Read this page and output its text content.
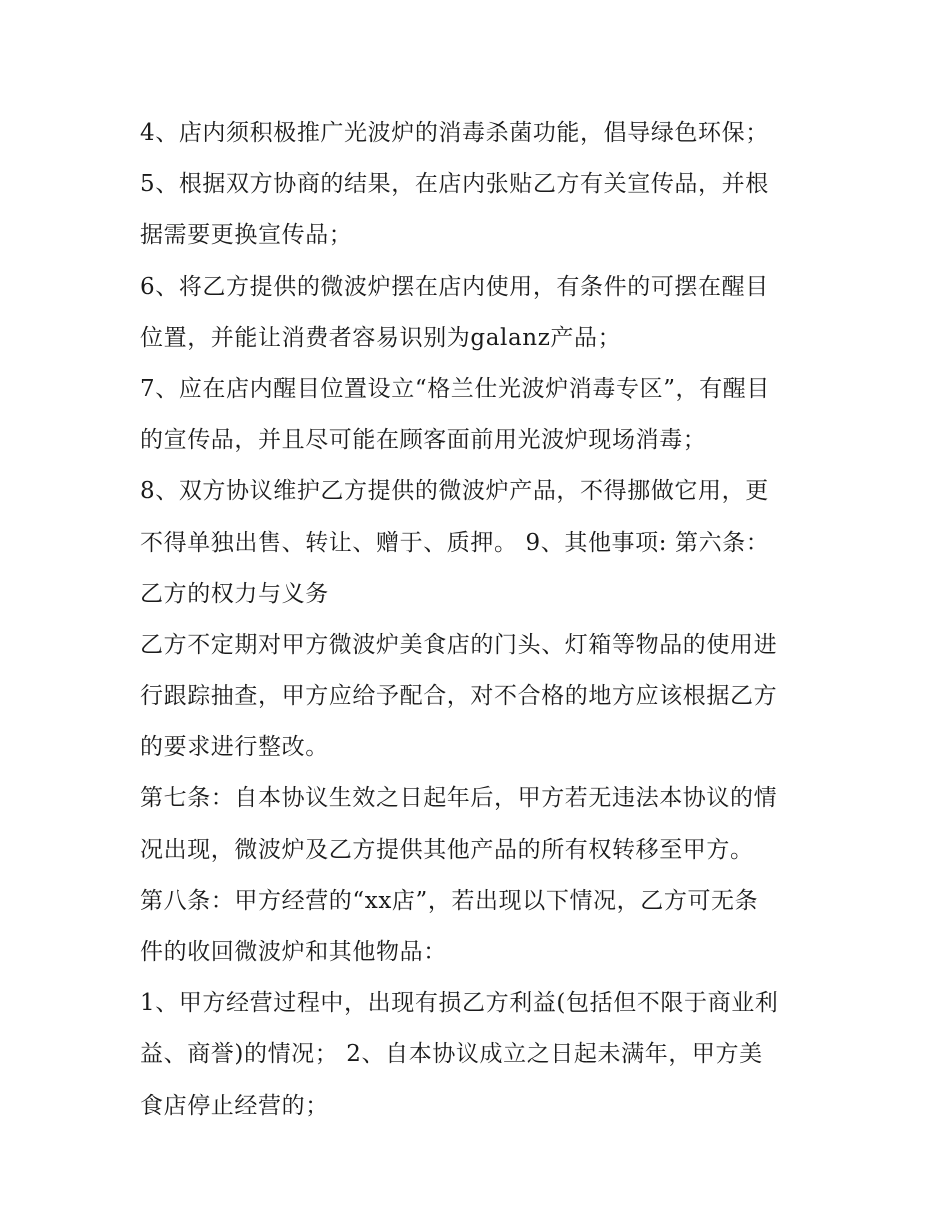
4、店内须积极推广光波炉的消毒杀菌功能，倡导绿色环保；
5、根据双方协商的结果，在店内张贴乙方有关宣传品，并根
据需要更换宣传品；
6、将乙方提供的微波炉摆在店内使用，有条件的可摆在醒目
位置，并能让消费者容易识别为galanz产品；
7、应在店内醒目位置设立“格兰仕光波炉消毒专区”，有醒目
的宣传品，并且尽可能在顾客面前用光波炉现场消毒；
8、双方协议维护乙方提供的微波炉产品，不得挪做它用，更
不得单独出售、转让、赠于、质押。 9、其他事项: 第六条：
乙方的权力与义务
乙方不定期对甲方微波炉美食店的门头、灯箱等物品的使用进
行跟踪抽查，甲方应给予配合，对不合格的地方应该根据乙方
的要求进行整改。
第七条：自本协议生效之日起年后，甲方若无违法本协议的情
况出现，微波炉及乙方提供其他产品的所有权转移至甲方。
第八条：甲方经营的“xx店”，若出现以下情况，乙方可无条
件的收回微波炉和其他物品：
1、甲方经营过程中，出现有损乙方利益(包括但不限于商业利
益、商誉)的情况； 2、自本协议成立之日起未满年，甲方美
食店停止经营的；
